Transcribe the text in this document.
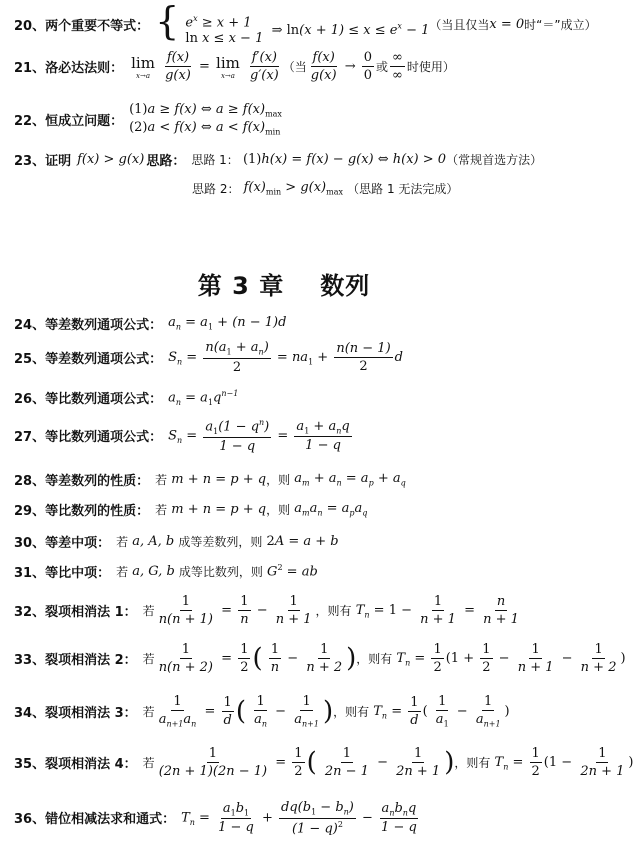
20、两个重要不等式： { $e^x \ge x + 1$
ln x ≤ x − 1
⇒ $\ln(x + 1) \le x \le e^x - 1$ （当且仅当 x = 0 时“＝”成立）
21、洛必达法则： lim
x→a
$\frac{f(x)}{g(x)} = \lim$
x→a
$\frac{f'(x)}{g'(x)}$ （当 $\frac{f(x)}{g(x)} \to \frac{0}{0}$ 或 $\frac{\infty}{\infty}$ 时使用）
22、恒成立问题：
(1)a ≥ f(x) ⇔ $a \ge f(x)_{max}$
(2)a < f(x) ⇔ $a < f(x)_{min}$
23、证明 f(x) > g(x) 思路： 思路 1： (1)h(x) = f(x) − g(x) ⇔ h(x) > 0 （常规首选方法）
思路 2： $f(x)_{min} > g(x)_{max}$ （思路 1 无法完成）
第 3 章 数列
24、等差数列通项公式： $a_n = a_1 + (n - 1)d$
25、等差数列通项公式： $S_n = \frac{n(a_1 + a_n)}{2} = na_1 + \frac{n(n - 1)}{2}$ d
26、等比数列通项公式： $a_n = a_1q^{n-1}$
27、等比数列通项公式： $S_n = \frac{a_1(1 - q^n)}{1 - q} = \frac{a_1 + a_nq}{1 - q}$
28、等差数列的性质： 若 m + n = p + q ，则 $a_m + a_n = a_p + a_q$
29、等比数列的性质： 若 m + n = p + q ，则 $a_ma_n = a_pa_q$
30、等差中项： 若 a, A, b 成等差数列，则 2A = a + b
31、等比中项： 若 a, G, b 成等比数列，则 $G^2$ = ab
32、裂项相消法 1： 若 $\frac{1}{n(n + 1)} = \frac{1}{n} - \frac{1}{n + 1}$ ，则有 $T_n = 1 - \frac{1}{n + 1} = \frac{n}{n + 1}$
33、裂项相消法 2： 若 $\frac{1}{n(n + 2)} = \frac{1}{2}$ ( $\frac{1}{n} - \frac{1}{n + 2}$ ) ，则有 $T_n = \frac{1}{2} (1 + \frac{1}{2} - \frac{1}{n + 1} - \frac{1}{n + 2}$ )
34、裂项相消法 3： 若 $\frac{1}{a_{n+1}a_n} = \frac{1}{d}$ ( $\frac{1}{a_n} - \frac{1}{a_{n+1}}$ ) ，则有 $T_n = \frac{1}{d}$ ( $\frac{1}{a_1} - \frac{1}{a_{n+1}}$ )
35、裂项相消法 4： 若 $\frac{1}{(2n + 1)(2n - 1)} = \frac{1}{2}$ ( $\frac{1}{2n - 1} - \frac{1}{2n + 1}$ ) ，则有 $T_n = \frac{1}{2} (1 - \frac{1}{2n + 1}$ )
36、错位相减法求和通式： $T_n = \frac{a_1b_1}{1 - q} + \frac{dq(b_1 - b_n)}{(1 - q)^2} - \frac{a_nb_nq}{1 - q}$
